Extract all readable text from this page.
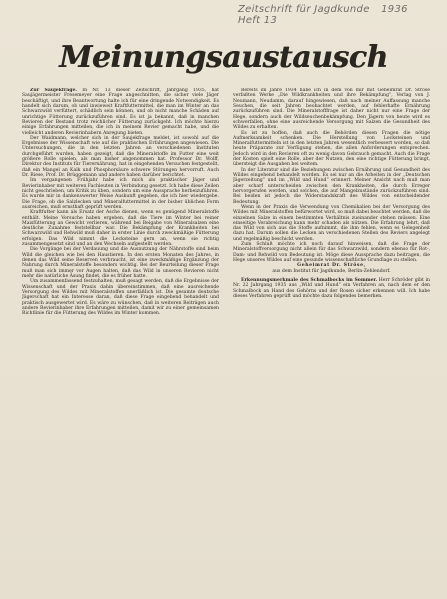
Zeitschrift für Jagdkunde 1936 Heft 13
Meinungsaustausch

Zur Saujekfrage. In Nr. 13 dieser Zeitschrift, Jahrgang 1935, hat Saujägermeister Fresemeyer eine Frage angeschnitten, die sicher viele Jäger beschäftigt, und ihre Beantwortung halte ich für eine dringende Notwendigkeit. Es handelt sich darum, ob und inwieweit Kraftfuttermittel, die man im Winter an das Schwarzwild verfüttert, schädlich sein können, und ob nicht manche Schäden auf unrichtige Fütterung zurückzuführen sind. Es ist ja bekannt, daß in manchen Revieren der Bestand trotz reichlicher Fütterung zurückgeht. Ich möchte hierzu einige Erfahrungen mitteilen, die ich in meinem Revier gemacht habe, und die vielleicht anderen Revierinhabern Anregung bieten.

Der Waidmann, welcher sich in der Saujekfrage meldet, ist sowohl auf die Ergebnisse der Wissenschaft wie auf die praktischen Erfahrungen angewiesen. Die Untersuchungen, die in den letzten Jahren an verschiedenen Instituten durchgeführt wurden, haben gezeigt, daß die Mineralstoffe im Futter eine weit größere Rolle spielen, als man bisher angenommen hat. Professor Dr. Wolff, Direktor des Instituts für Tierernährung, hat in eingehenden Versuchen festgestellt, daß ein Mangel an Kalk und Phosphorsäure schwere Störungen hervorruft. Auch Dr. Riese, Prof. Dr. Brüggemann und andere haben darüber berichtet.

Im vergangenen Frühjahr habe ich mich als praktischer Jäger und Revierinhaber mit weiteren Fachleuten in Verbindung gesetzt. Ich habe diese Zeilen nicht geschrieben, um Kritik zu üben, sondern um eine Aussprache herbeizuführen. Es wurde mir in dankenswerter Weise Auskunft gegeben, die ich hier wiedergebe. Die Frage, ob die Salzlecken und Mineralfuttermittel in der bisher üblichen Form ausreichen, muß ernsthaft geprüft werden.

Kraftfutter kann als Ersatz der Asche dienen, wenn es genügend Mineralstoffe enthält. Meine Versuche haben ergeben, daß die Tiere im Winter bei reiner Maisfütterung an Gewicht verlieren, während bei Beigabe von Mineralsalzen eine deutliche Zunahme feststellbar war. Die Bekämpfung der Krankheiten bei Schwarzwild und Rehwild muß daher in erster Linie durch zweckmäßige Fütterung erfolgen. Das Wild nimmt die Lecksteine gern an, wenn sie richtig zusammengesetzt sind und an den Wechseln aufgestellt werden.

Die Vorgänge bei der Verdauung und die Ausnutzung der Nährstoffe sind beim Wild die gleichen wie bei den Haustieren. In den ersten Monaten des Jahres, in denen das Wild seine Reserven verbraucht, ist eine zweckmäßige Ergänzung der Nahrung durch Mineralstoffe besonders wichtig. Bei der Beurteilung dieser Frage muß man sich immer vor Augen halten, daß das Wild in unseren Revieren nicht mehr die natürliche Äsung findet, die es früher hatte.

Um zusammenfassend festzuhalten, muß gesagt werden, daß die Ergebnisse der Wissenschaft und der Praxis dahin übereinstimmen, daß eine ausreichende Versorgung des Wildes mit Mineralstoffen unerläßlich ist. Die gesamte deutsche Jägerschaft hat ein Interesse daran, daß diese Frage eingehend behandelt und praktisch ausgewertet wird. Es wäre zu wünschen, daß in weiteren Beiträgen auch andere Revierinhaber ihre Erfahrungen mitteilen, damit wir zu einer gemeinsamen Richtlinie für die Fütterung des Wildes im Winter kommen.

Bereits im Jahre 1934 habe ich in dem von mir mit Geheimrat Dr. Ströse verfaßten Werke „Die Wildkrankheiten und ihre Bekämpfung“, Verlag von J. Neumann, Neudamm, darauf hingewiesen, daß nach meiner Auffassung manche Seuchen, die seit Jahren beobachtet werden, auf fehlerhafte Ernährung zurückzuführen sind. Die Mineralstofffrage ist daher nicht nur eine Frage der Hege, sondern auch der Wildseuchenbekämpfung. Den Jägern von heute wird es schwerfallen, ohne eine ausreichende Versorgung mit Salzen die Gesundheit des Wildes zu erhalten.

Es ist zu hoffen, daß auch die Behörden diesen Fragen die nötige Aufmerksamkeit schenken. Die Herstellung von Lecksteinen und Mineralfuttermitteln ist in den letzten Jahren wesentlich verbessert worden, so daß heute Präparate zur Verfügung stehen, die allen Anforderungen entsprechen. Jedoch wird in den Revieren oft zu wenig davon Gebrauch gemacht. Auch die Frage der Kosten spielt eine Rolle, aber der Nutzen, den eine richtige Fütterung bringt, übersteigt die Ausgaben bei weitem.

In der Literatur sind die Beziehungen zwischen Ernährung und Gesundheit des Wildes eingehend behandelt worden. Es sei nur an die Arbeiten in der „Deutschen Jägerzeitung“ und im „Wild und Hund“ erinnert. Meiner Ansicht nach muß man aber scharf unterscheiden zwischen den Krankheiten, die durch Erreger hervorgerufen werden, und solchen, die auf Mangelzustände zurückzuführen sind. Bei beiden ist jedoch die Widerstandskraft des Wildes von entscheidender Bedeutung.

Wenn in der Praxis die Verwendung von Chemikalien bei der Versorgung des Wildes mit Mineralstoffen befürwortet wird, so muß dabei beachtet werden, daß die einzelnen Salze in einem bestimmten Verhältnis zueinander stehen müssen. Eine einseitige Verabreichung kann mehr schaden als nützen. Die Erfahrung lehrt, daß das Wild von sich aus die Stoffe aufnimmt, die ihm fehlen, wenn es Gelegenheit dazu hat. Darum sollen die Lecken an verschiedenen Stellen des Reviers angelegt und regelmäßig beschickt werden.

Zum Schluß möchte ich noch darauf hinweisen, daß die Frage der Mineralstoffversorgung nicht allein für das Schwarzwild, sondern ebenso für Rot-, Dam- und Rehwild von Bedeutung ist. Möge diese Aussprache dazu beitragen, die Hege unseres Wildes auf eine gesunde wissenschaftliche Grundlage zu stellen.

Geheimrat Dr. Ströse,
aus dem Institut für Jagdkunde, Berlin-Zehlendorf.

Erkennungsmerkmale des Schmalbocks im Sommer. Herr Schröder gibt in Nr. 22 Jahrgang 1935 aus „Wild und Hund“ ein Verfahren an, nach dem er den Schmalbock an Hand des Gehörns und der Rosen sicher erkennen will. Ich habe dieses Verfahren geprüft und möchte dazu folgendes bemerken.
